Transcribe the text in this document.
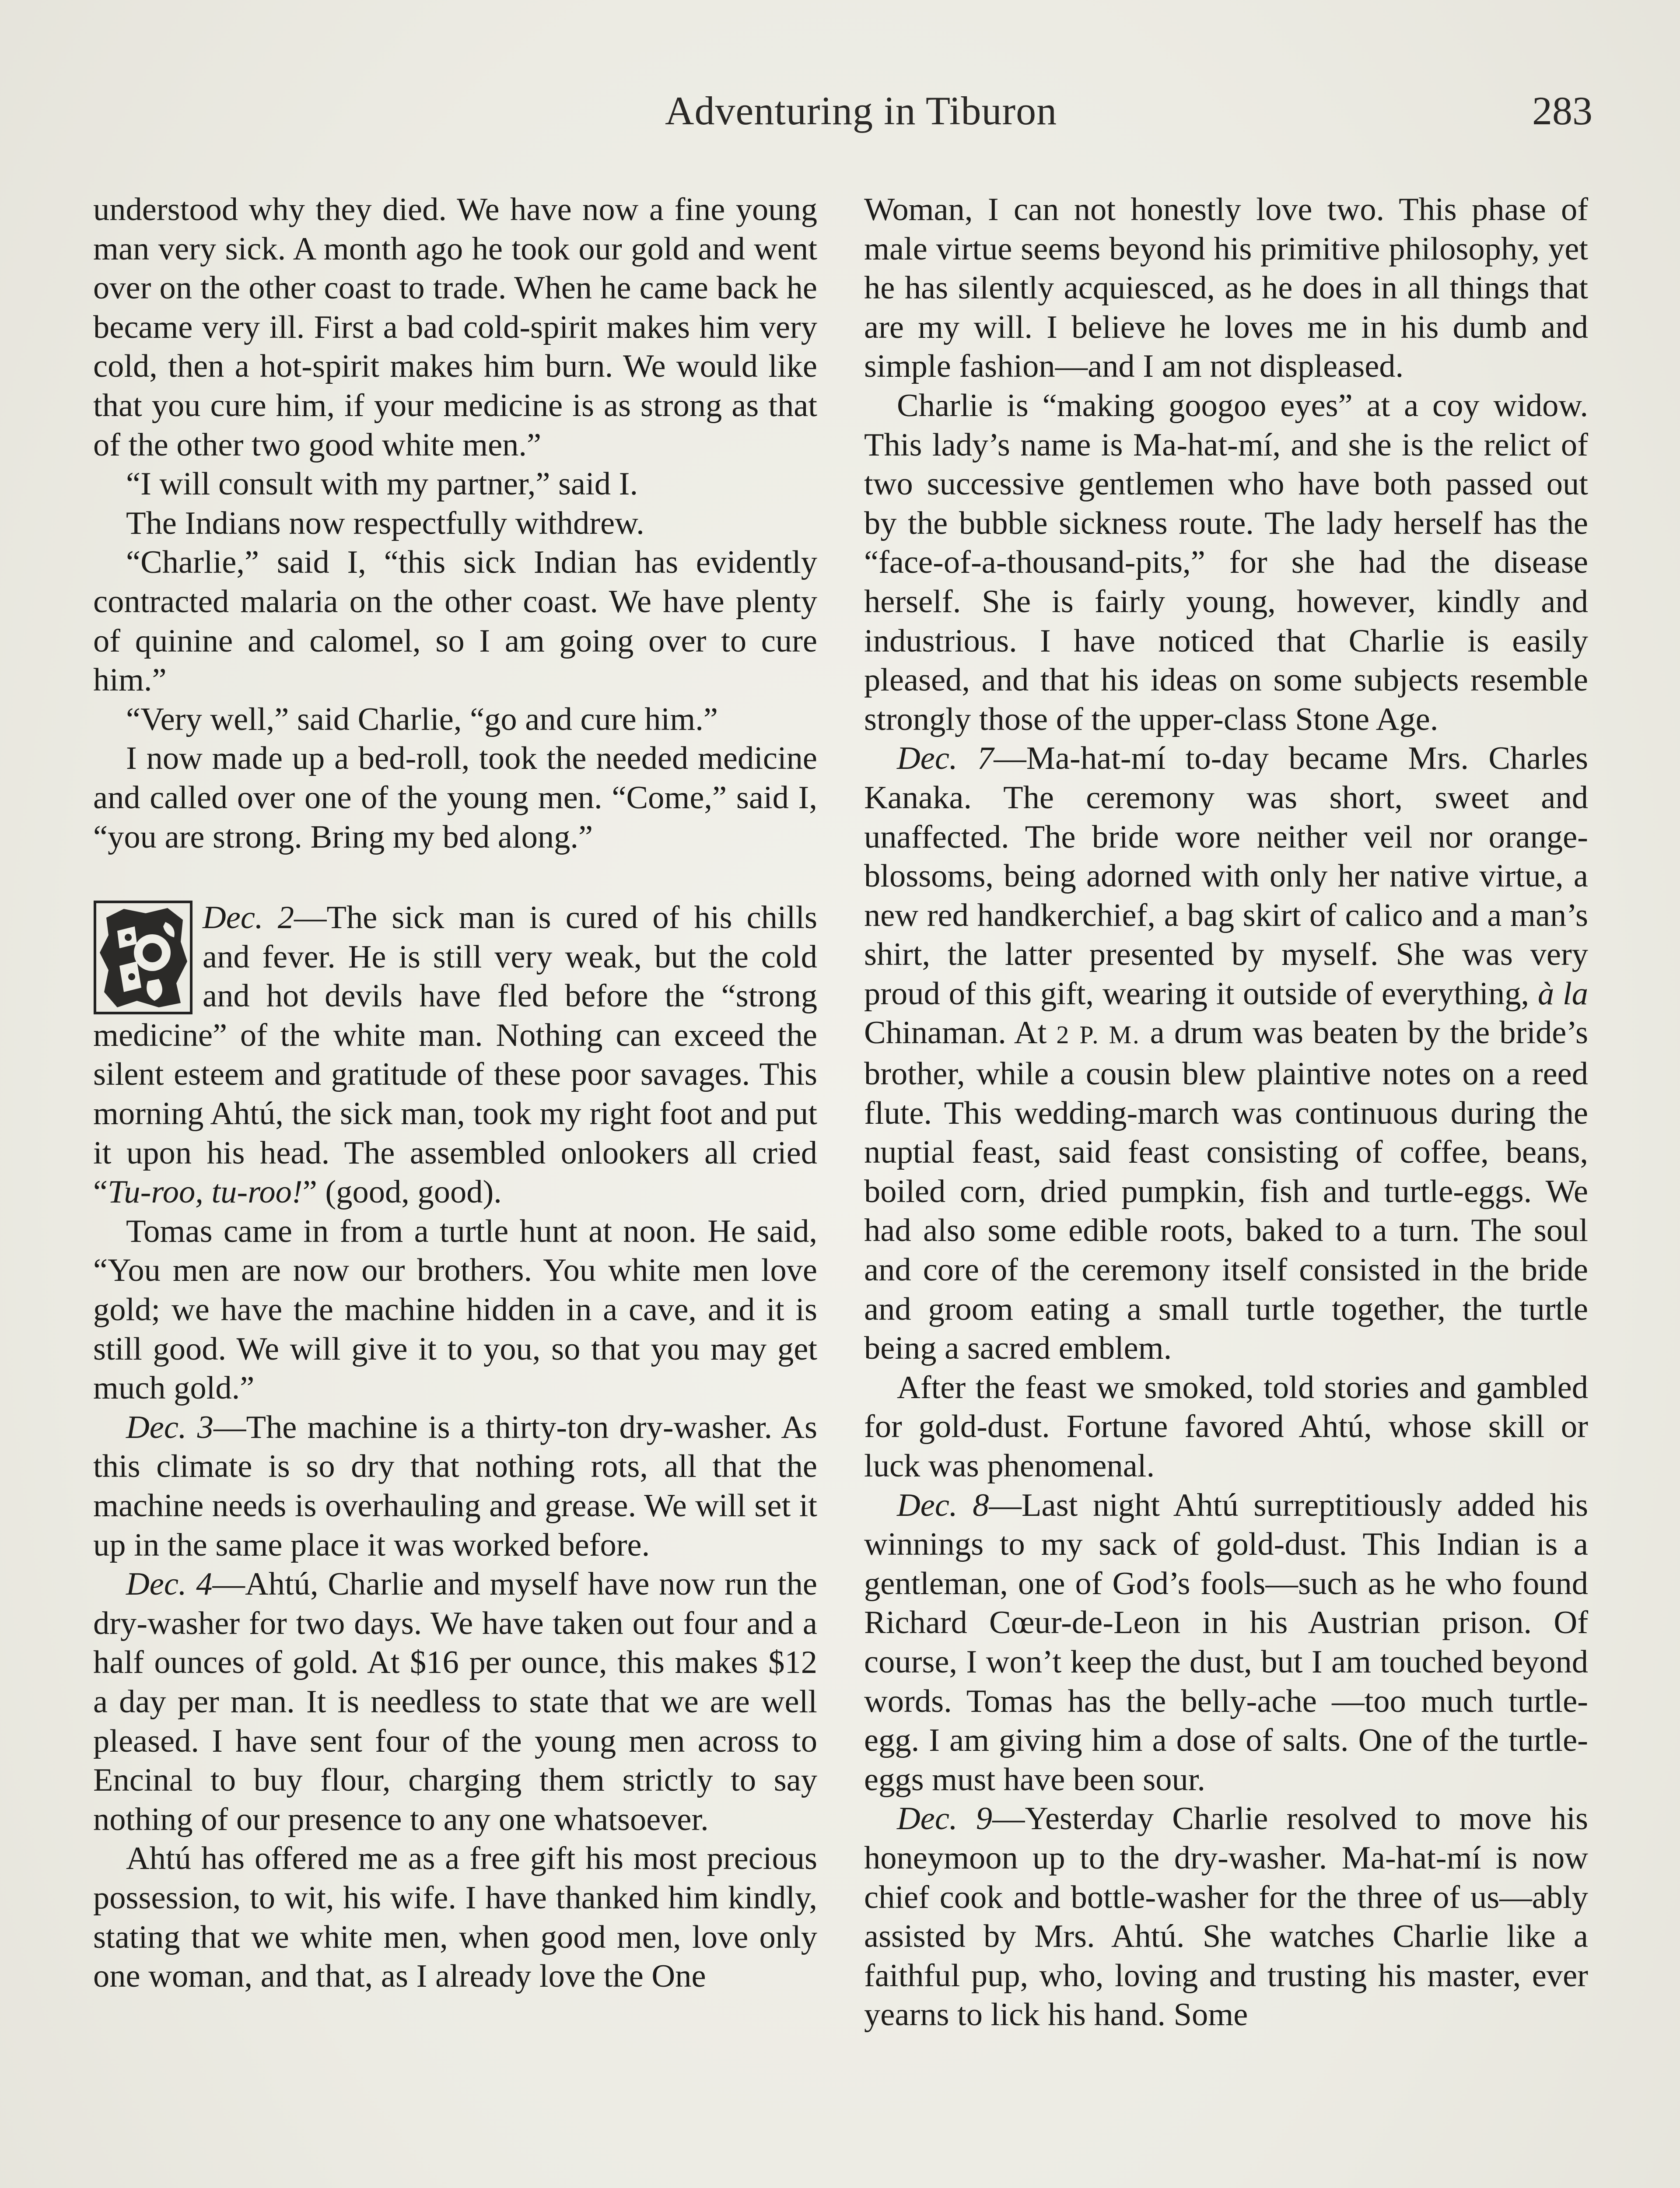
Adventuring in Tiburon	283

understood why they died. We have now a fine young man very sick. A month ago he took our gold and went over on the other coast to trade. When he came back he became very ill. First a bad cold-spirit makes him very cold, then a hot-spirit makes him burn. We would like that you cure him, if your medicine is as strong as that of the other two good white men.”

“I will consult with my partner,” said I.

The Indians now respectfully withdrew.

“Charlie,” said I, “this sick Indian has evidently contracted malaria on the other coast. We have plenty of quinine and calomel, so I am going over to cure him.”

“Very well,” said Charlie, “go and cure him.”

I now made up a bed-roll, took the needed medicine and called over one of the young men. “Come,” said I, “you are strong. Bring my bed along.”

Dec. 2—The sick man is cured of his chills and fever. He is still very weak, but the cold and hot devils have fled before the “strong medicine” of the white man. Nothing can exceed the silent esteem and gratitude of these poor savages. This morning Ahtú, the sick man, took my right foot and put it upon his head. The assembled onlookers all cried “Tu-roo, tu-roo!” (good, good).

Tomas came in from a turtle hunt at noon. He said, “You men are now our brothers. You white men love gold; we have the machine hidden in a cave, and it is still good. We will give it to you, so that you may get much gold.”

Dec. 3—The machine is a thirty-ton dry-washer. As this climate is so dry that nothing rots, all that the machine needs is overhauling and grease. We will set it up in the same place it was worked before.

Dec. 4—Ahtú, Charlie and myself have now run the dry-washer for two days. We have taken out four and a half ounces of gold. At $16 per ounce, this makes $12 a day per man. It is needless to state that we are well pleased. I have sent four of the young men across to Encinal to buy flour, charging them strictly to say nothing of our presence to any one whatsoever.

Ahtú has offered me as a free gift his most precious possession, to wit, his wife. I have thanked him kindly, stating that we white men, when good men, love only one woman, and that, as I already love the One

Woman, I can not honestly love two. This phase of male virtue seems beyond his primitive philosophy, yet he has silently acquiesced, as he does in all things that are my will. I believe he loves me in his dumb and simple fashion—and I am not displeased.

Charlie is “making googoo eyes” at a coy widow. This lady’s name is Ma-hat-mí, and she is the relict of two successive gentlemen who have both passed out by the bubble sickness route. The lady herself has the “face-of-a-thousand-pits,” for she had the disease herself. She is fairly young, however, kindly and industrious. I have noticed that Charlie is easily pleased, and that his ideas on some subjects resemble strongly those of the upper-class Stone Age.

Dec. 7—Ma-hat-mí to-day became Mrs. Charles Kanaka. The ceremony was short, sweet and unaffected. The bride wore neither veil nor orange-blossoms, being adorned with only her native virtue, a new red handkerchief, a bag skirt of calico and a man’s shirt, the latter presented by myself. She was very proud of this gift, wearing it outside of everything, à la Chinaman. At 2 P. M. a drum was beaten by the bride’s brother, while a cousin blew plaintive notes on a reed flute. This wedding-march was continuous during the nuptial feast, said feast consisting of coffee, beans, boiled corn, dried pumpkin, fish and turtle-eggs. We had also some edible roots, baked to a turn. The soul and core of the ceremony itself consisted in the bride and groom eating a small turtle together, the turtle being a sacred emblem.

After the feast we smoked, told stories and gambled for gold-dust. Fortune favored Ahtú, whose skill or luck was phenomenal.

Dec. 8—Last night Ahtú surreptitiously added his winnings to my sack of gold-dust. This Indian is a gentleman, one of God’s fools—such as he who found Richard Cœur-de-Leon in his Austrian prison. Of course, I won’t keep the dust, but I am touched beyond words. Tomas has the belly-ache —too much turtle-egg. I am giving him a dose of salts. One of the turtle-eggs must have been sour.

Dec. 9—Yesterday Charlie resolved to move his honeymoon up to the dry-washer. Ma-hat-mí is now chief cook and bottle-washer for the three of us—ably assisted by Mrs. Ahtú. She watches Charlie like a faithful pup, who, loving and trusting his master, ever yearns to lick his hand. Some
